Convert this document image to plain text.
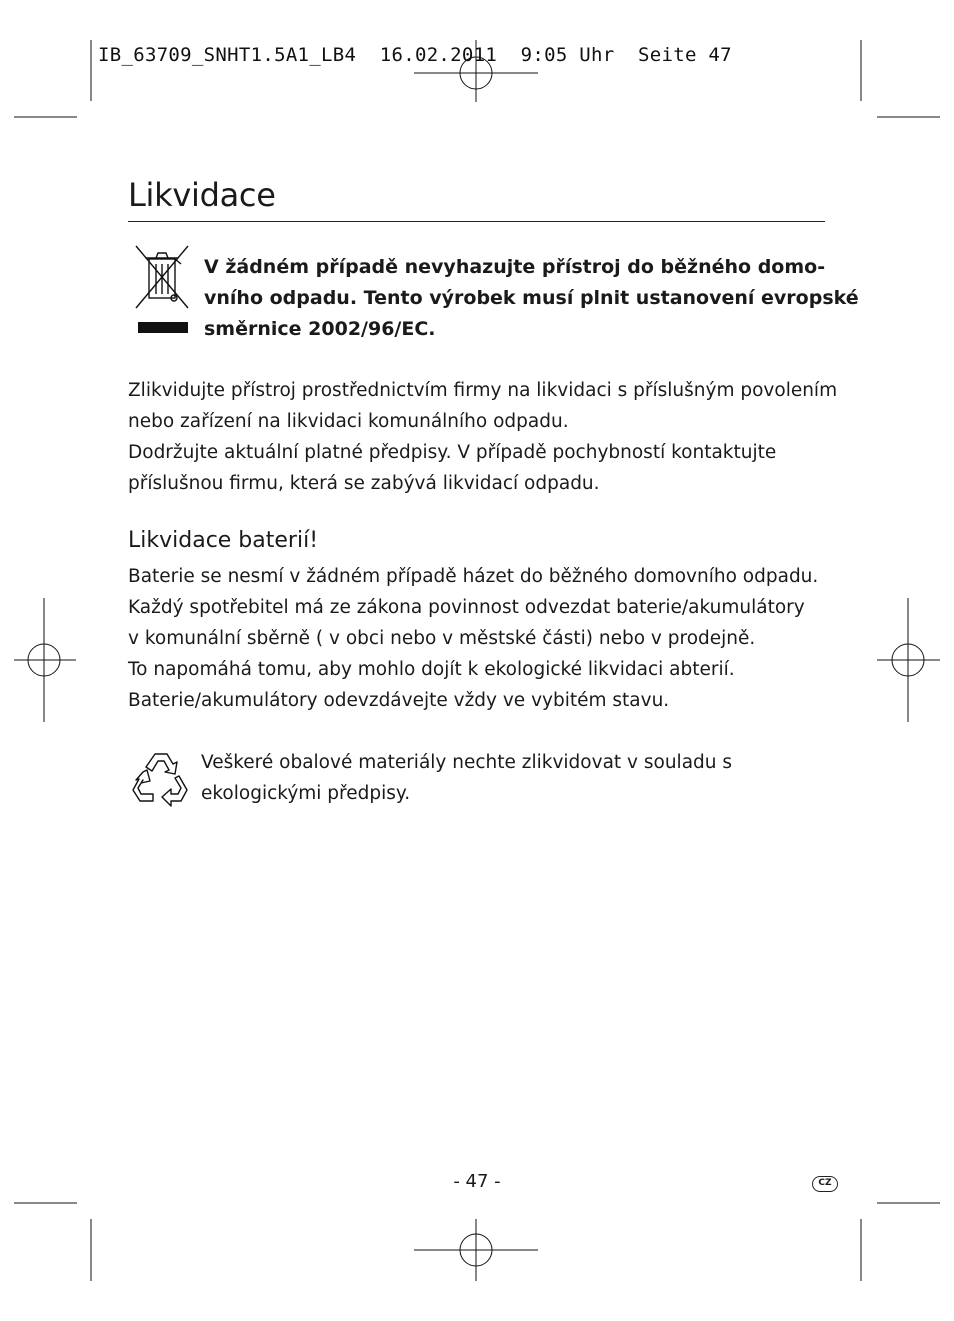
IB_63709_SNHT1.5A1_LB4  16.02.2011  9:05 Uhr  Seite 47
Likvidace
V žádném případě nevyhazujte přístroj do běžného domo-
vního odpadu. Tento výrobek musí plnit ustanovení evropské
směrnice 2002/96/EC.
Zlikvidujte přístroj prostřednictvím firmy na likvidaci s příslušným povolením
nebo zařízení na likvidaci komunálního odpadu.
Dodržujte aktuální platné předpisy. V případě pochybností kontaktujte
příslušnou firmu, která se zabývá likvidací odpadu.
Likvidace baterií!
Baterie se nesmí v žádném případě házet do běžného domovního odpadu.
Každý spotřebitel má ze zákona povinnost odvezdat baterie/akumulátory
v komunální sběrně ( v obci nebo v městské části) nebo v prodejně.
To napomáhá tomu, aby mohlo dojít k ekologické likvidaci abterií.
Baterie/akumulátory odevzdávejte vždy ve vybitém stavu.
Veškeré obalové materiály nechte zlikvidovat v souladu s
ekologickými předpisy.
- 47 -	CZ
